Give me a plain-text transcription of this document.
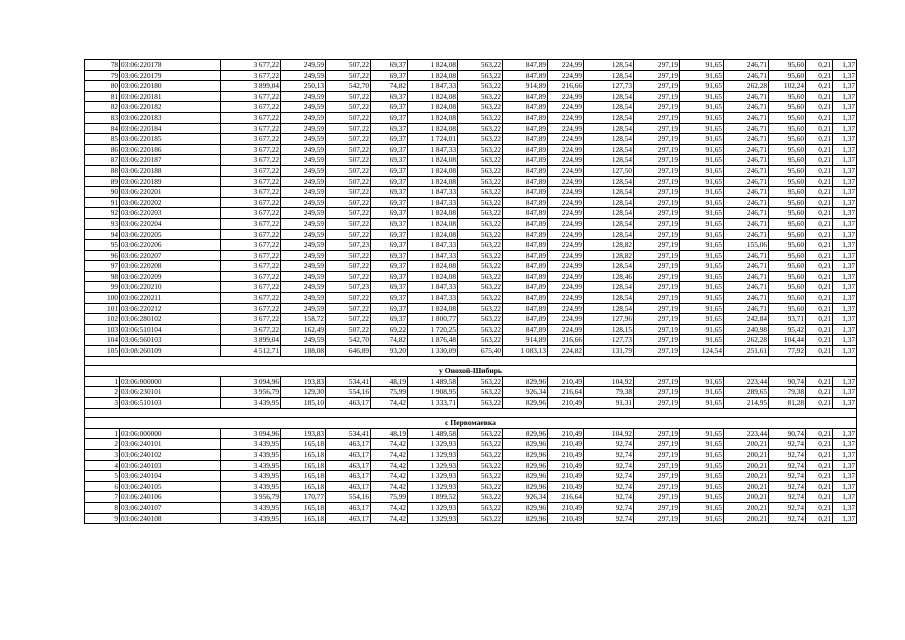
78	03:06:220178	3 677,22	249,59	507,22	69,37	1 824,08	563,22	847,89	224,99	128,54	297,19	91,65	246,71	95,60	0,21	1,37
79	03:06:220179	3 677,22	249,59	507,22	69,37	1 824,08	563,22	847,89	224,99	128,54	297,19	91,65	246,71	95,60	0,21	1,37
80	03:06:220180	3 899,04	250,13	542,70	74,82	1 847,33	563,22	914,89	216,66	127,73	297,19	91,65	262,28	102,24	0,21	1,37
81	03:06:220181	3 677,22	249,59	507,22	69,37	1 824,08	563,22	847,89	224,99	128,54	297,19	91,65	246,71	95,60	0,21	1,37
82	03:06:220182	3 677,22	249,59	507,22	69,37	1 824,08	563,22	847,89	224,99	128,54	297,19	91,65	246,71	95,60	0,21	1,37
83	03:06:220183	3 677,22	249,59	507,22	69,37	1 824,08	563,22	847,89	224,99	128,54	297,19	91,65	246,71	95,60	0,21	1,37
84	03:06:220184	3 677,22	249,59	507,22	69,37	1 824,08	563,22	847,89	224,99	128,54	297,19	91,65	246,71	95,60	0,21	1,37
85	03:06:220185	3 677,22	249,59	507,22	69,37	1 724,01	563,22	847,89	224,99	128,54	297,19	91,65	246,71	95,60	0,21	1,37
86	03:06:220186	3 677,22	249,59	507,22	69,37	1 847,33	563,22	847,89	224,99	128,54	297,19	91,65	246,71	95,60	0,21	1,37
87	03:06:220187	3 677,22	249,59	507,22	69,37	1 824,08	563,22	847,89	224,99	128,54	297,19	91,65	246,71	95,60	0,21	1,37
88	03:06:220188	3 677,22	249,59	507,22	69,37	1 824,08	563,22	847,89	224,99	127,50	297,19	91,65	246,71	95,60	0,21	1,37
89	03:06:220189	3 677,22	249,59	507,22	69,37	1 824,08	563,22	847,89	224,99	128,54	297,19	91,65	246,71	95,60	0,21	1,37
90	03:06:220201	3 677,22	249,59	507,22	69,37	1 847,33	563,22	847,89	224,99	128,54	297,19	91,65	246,71	95,60	0,21	1,37
91	03:06:220202	3 677,22	249,59	507,22	69,37	1 847,33	563,22	847,89	224,99	128,54	297,19	91,65	246,71	95,60	0,21	1,37
92	03:06:220203	3 677,22	249,59	507,22	69,37	1 824,08	563,22	847,89	224,99	128,54	297,19	91,65	246,71	95,60	0,21	1,37
93	03:06:220204	3 677,22	249,59	507,22	69,37	1 824,08	563,22	847,89	224,99	128,54	297,19	91,65	246,71	95,60	0,21	1,37
94	03:06:220205	3 677,22	249,59	507,22	69,37	1 824,08	563,22	847,89	224,99	128,54	297,19	91,65	246,71	95,60	0,21	1,37
95	03:06:220206	3 677,22	249,59	507,23	69,37	1 847,33	563,22	847,89	224,99	128,82	297,19	91,65	155,06	95,60	0,21	1,37
96	03:06:220207	3 677,22	249,59	507,22	69,37	1 847,33	563,22	847,89	224,99	128,82	297,19	91,65	246,71	95,60	0,21	1,37
97	03:06:220208	3 677,22	249,59	507,22	69,37	1 824,08	563,22	847,89	224,99	128,54	297,19	91,65	246,71	95,60	0,21	1,37
98	03:06:220209	3 677,22	249,59	507,22	69,37	1 824,08	563,22	847,89	224,99	128,46	297,19	91,65	246,71	95,60	0,21	1,37
99	03:06:220210	3 677,22	249,59	507,23	69,37	1 847,33	563,22	847,89	224,99	128,54	297,19	91,65	246,71	95,60	0,21	1,37
100	03:06:220211	3 677,22	249,59	507,22	69,37	1 847,33	563,22	847,89	224,99	128,54	297,19	91,65	246,71	95,60	0,21	1,37
101	03:06:220212	3 677,22	249,59	507,22	69,37	1 824,08	563,22	847,89	224,99	128,54	297,19	91,65	246,71	95,60	0,21	1,37
102	03:06:280102	3 677,22	158,72	507,22	69,37	1 800,77	563,22	847,89	224,99	127,96	297,19	91,65	242,84	93,71	0,21	1,37
103	03:06:510104	3 677,22	162,49	507,22	69,22	1 720,25	563,22	847,89	224,99	128,15	297,19	91,65	240,98	95,42	0,21	1,37
104	03:06:560103	3 899,04	249,59	542,70	74,82	1 876,48	563,22	914,89	216,66	127,73	297,19	91,65	262,28	104,44	0,21	1,37
105	03:08:260109	4 512,71	188,08	646,89	93,20	1 330,09	675,40	1 083,13	224,82	131,79	297,19	124,54	251,61	77,92	0,21	1,37

у Онохой-Шибирь																
1	03:06:000000	3 094,96	193,83	534,41	48,19	1 489,58	563,22	829,96	210,49	104,92	297,19	91,65	223,44	90,74	0,21	1,37
2	03:06:230101	3 956,79	129,30	554,16	75,99	1 908,95	563,22	926,34	216,64	79,38	297,19	91,65	289,65	79,38	0,21	1,37
3	03:06:510103	3 439,95	185,10	463,17	74,42	1 333,71	563,22	829,96	210,49	91,31	297,19	91,65	214,95	81,28	0,21	1,37

с Первомаевка																
1	03:06:000000	3 094,96	193,83	534,41	48,19	1 489,58	563,22	829,96	210,49	104,92	297,19	91,65	223,44	90,74	0,21	1,37
2	03:06:240101	3 439,95	165,18	463,17	74,42	1 329,93	563,22	829,96	210,49	92,74	297,19	91,65	200,21	92,74	0,21	1,37
3	03:06:240102	3 439,95	165,18	463,17	74,42	1 329,93	563,22	829,96	210,49	92,74	297,19	91,65	200,21	92,74	0,21	1,37
4	03:06:240103	3 439,95	165,18	463,17	74,42	1 329,93	563,22	829,96	210,49	92,74	297,19	91,65	200,21	92,74	0,21	1,37
5	03:06:240104	3 439,95	165,18	463,17	74,42	1 329,93	563,22	829,96	210,49	92,74	297,19	91,65	200,21	92,74	0,21	1,37
6	03:06:240105	3 439,95	165,18	463,17	74,42	1 329,93	563,22	829,96	210,49	92,74	297,19	91,65	200,21	92,74	0,21	1,37
7	03:06:240106	3 956,79	170,77	554,16	75,99	1 899,52	563,22	926,34	216,64	92,74	297,19	91,65	200,21	92,74	0,21	1,37
8	03:06:240107	3 439,95	165,18	463,17	74,42	1 329,93	563,22	829,96	210,49	92,74	297,19	91,65	200,21	92,74	0,21	1,37
9	03:06:240108	3 439,95	165,18	463,17	74,42	1 329,93	563,22	829,96	210,49	92,74	297,19	91,65	200,21	92,74	0,21	1,37
